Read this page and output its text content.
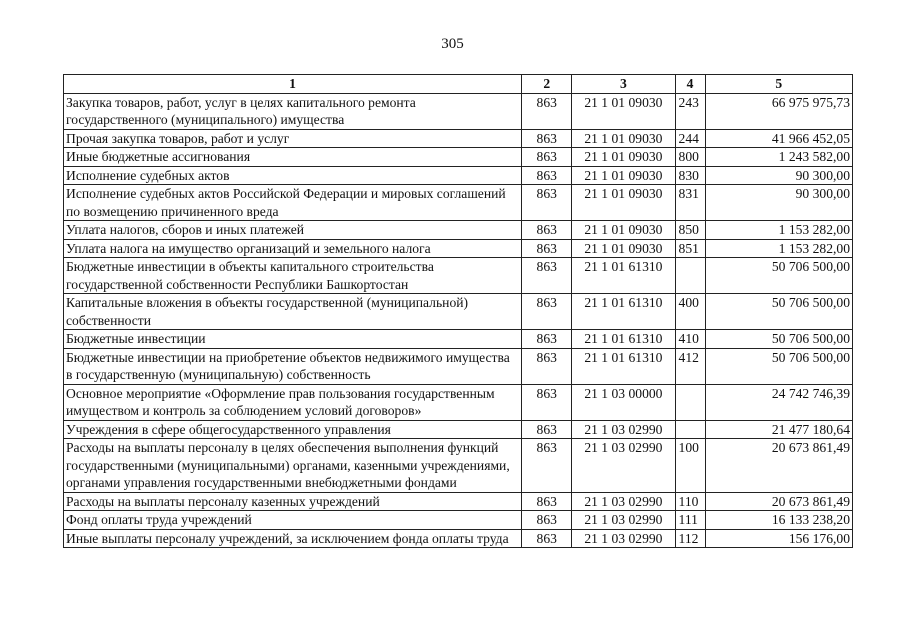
305
1	2	3	4	5
Закупка товаров, работ, услуг в целях капитального ремонта государственного (муниципального) имущества	863	21 1 01 09030	243	66 975 975,73
Прочая закупка товаров, работ и услуг	863	21 1 01 09030	244	41 966 452,05
Иные бюджетные ассигнования	863	21 1 01 09030	800	1 243 582,00
Исполнение судебных актов	863	21 1 01 09030	830	90 300,00
Исполнение судебных актов Российской Федерации и мировых соглашений по возмещению причиненного вреда	863	21 1 01 09030	831	90 300,00
Уплата налогов, сборов и иных платежей	863	21 1 01 09030	850	1 153 282,00
Уплата налога на имущество организаций и земельного налога	863	21 1 01 09030	851	1 153 282,00
Бюджетные инвестиции в объекты капитального строительства государственной собственности Республики Башкортостан	863	21 1 01 61310		50 706 500,00
Капитальные вложения в объекты государственной (муниципальной) собственности	863	21 1 01 61310	400	50 706 500,00
Бюджетные инвестиции	863	21 1 01 61310	410	50 706 500,00
Бюджетные инвестиции на приобретение объектов недвижимого имущества в государственную (муниципальную) собственность	863	21 1 01 61310	412	50 706 500,00
Основное мероприятие «Оформление прав пользования государственным имуществом и контроль за соблюдением условий договоров»	863	21 1 03 00000		24 742 746,39
Учреждения в сфере общегосударственного управления	863	21 1 03 02990		21 477 180,64
Расходы на выплаты персоналу в целях обеспечения выполнения функций государственными (муниципальными) органами, казенными учреждениями, органами управления государственными внебюджетными фондами	863	21 1 03 02990	100	20 673 861,49
Расходы на выплаты персоналу казенных учреждений	863	21 1 03 02990	110	20 673 861,49
Фонд оплаты труда учреждений	863	21 1 03 02990	111	16 133 238,20
Иные выплаты персоналу учреждений, за исключением фонда оплаты труда	863	21 1 03 02990	112	156 176,00
